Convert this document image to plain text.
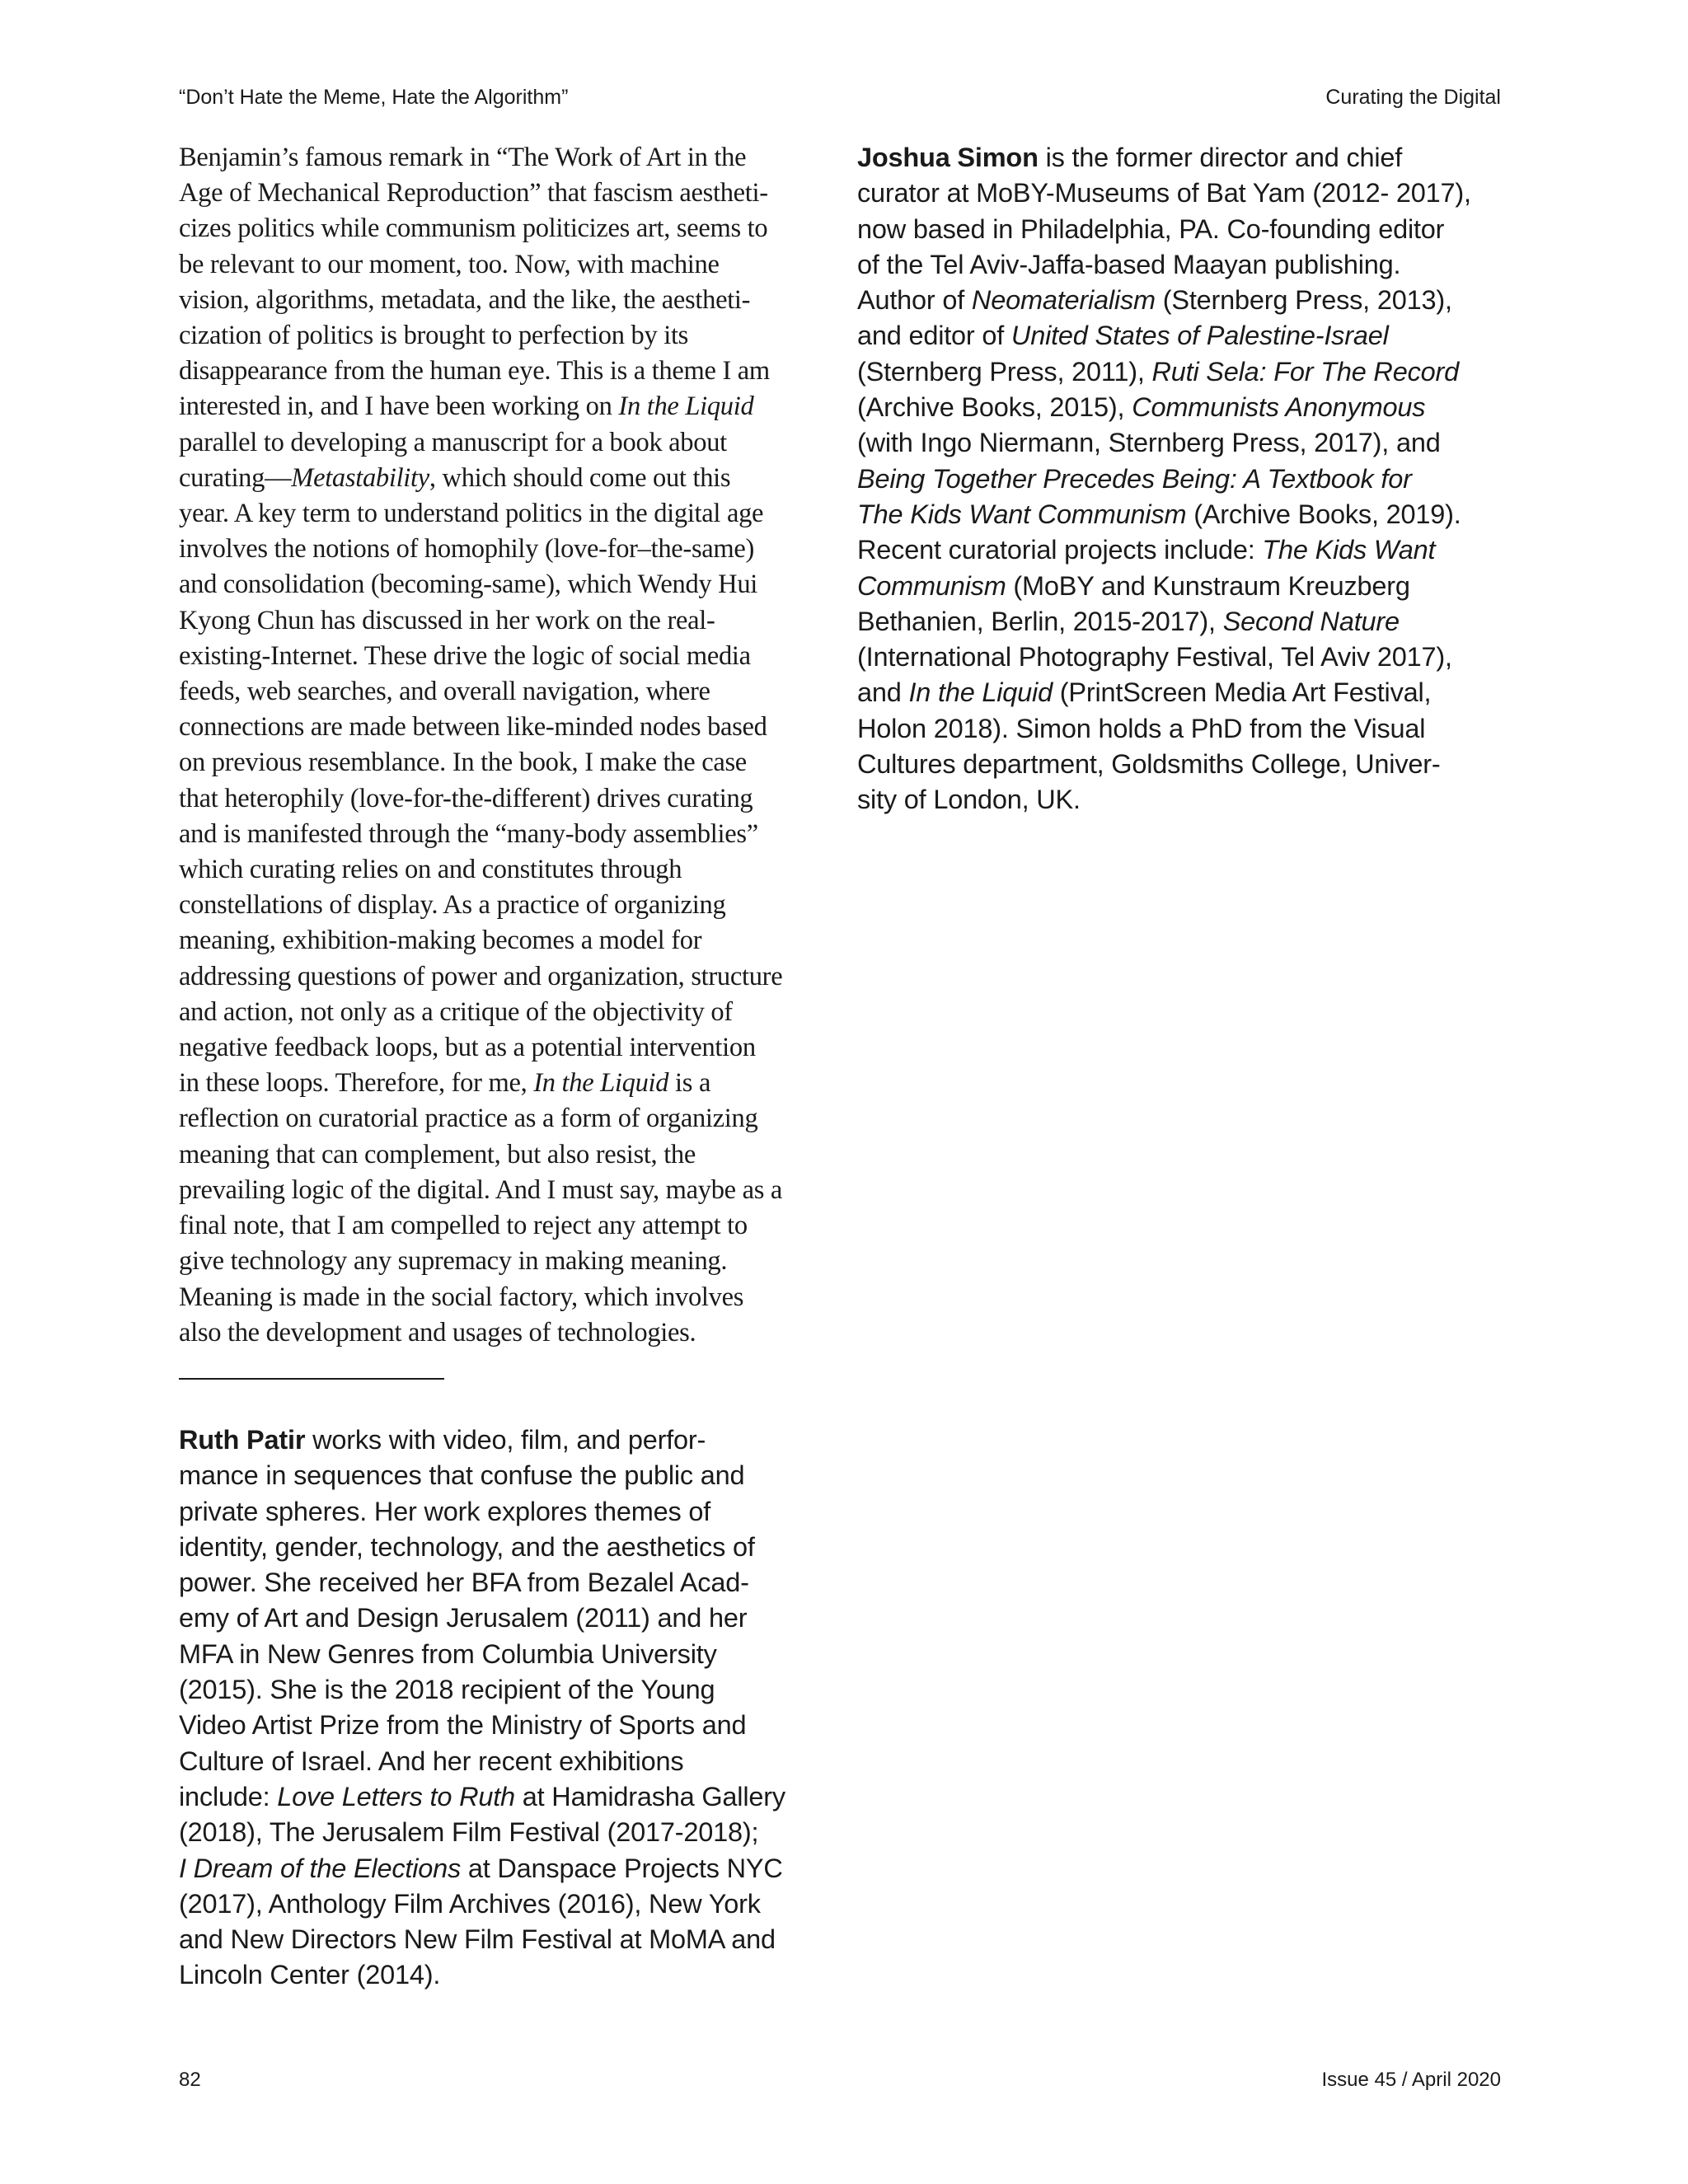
“Don’t Hate the Meme, Hate the Algorithm”	Curating the Digital
Benjamin’s famous remark in “The Work of Art in the
Age of Mechanical Reproduction” that fascism aestheti-
cizes politics while communism politicizes art, seems to
be relevant to our moment, too. Now, with machine
vision, algorithms, metadata, and the like, the aestheti-
cization of politics is brought to perfection by its
disappearance from the human eye. This is a theme I am
interested in, and I have been working on In the Liquid
parallel to developing a manuscript for a book about
curating—Metastability, which should come out this
year. A key term to understand politics in the digital age
involves the notions of homophily (love-for–the-same)
and consolidation (becoming-same), which Wendy Hui
Kyong Chun has discussed in her work on the real-
existing-Internet. These drive the logic of social media
feeds, web searches, and overall navigation, where
connections are made between like-minded nodes based
on previous resemblance. In the book, I make the case
that heterophily (love-for-the-different) drives curating
and is manifested through the “many-body assemblies”
which curating relies on and constitutes through
constellations of display. As a practice of organizing
meaning, exhibition-making becomes a model for
addressing questions of power and organization, structure
and action, not only as a critique of the objectivity of
negative feedback loops, but as a potential intervention
in these loops. Therefore, for me, In the Liquid is a
reflection on curatorial practice as a form of organizing
meaning that can complement, but also resist, the
prevailing logic of the digital. And I must say, maybe as a
final note, that I am compelled to reject any attempt to
give technology any supremacy in making meaning.
Meaning is made in the social factory, which involves
also the development and usages of technologies.
Ruth Patir works with video, film, and perfor-
mance in sequences that confuse the public and
private spheres. Her work explores themes of
identity, gender, technology, and the aesthetics of
power. She received her BFA from Bezalel Acad-
emy of Art and Design Jerusalem (2011) and her
MFA in New Genres from Columbia University
(2015). She is the 2018 recipient of the Young
Video Artist Prize from the Ministry of Sports and
Culture of Israel. And her recent exhibitions
include: Love Letters to Ruth at Hamidrasha Gallery
(2018), The Jerusalem Film Festival (2017-2018);
I Dream of the Elections at Danspace Projects NYC
(2017), Anthology Film Archives (2016), New York
and New Directors New Film Festival at MoMA and
Lincoln Center (2014).
Joshua Simon is the former director and chief
curator at MoBY-Museums of Bat Yam (2012- 2017),
now based in Philadelphia, PA. Co-founding editor
of the Tel Aviv-Jaffa-based Maayan publishing.
Author of Neomaterialism (Sternberg Press, 2013),
and editor of United States of Palestine-Israel
(Sternberg Press, 2011), Ruti Sela: For The Record
(Archive Books, 2015), Communists Anonymous
(with Ingo Niermann, Sternberg Press, 2017), and
Being Together Precedes Being: A Textbook for
The Kids Want Communism (Archive Books, 2019).
Recent curatorial projects include: The Kids Want
Communism (MoBY and Kunstraum Kreuzberg
Bethanien, Berlin, 2015-2017), Second Nature
(International Photography Festival, Tel Aviv 2017),
and In the Liquid (PrintScreen Media Art Festival,
Holon 2018). Simon holds a PhD from the Visual
Cultures department, Goldsmiths College, Univer-
sity of London, UK.
82	Issue 45 / April 2020
